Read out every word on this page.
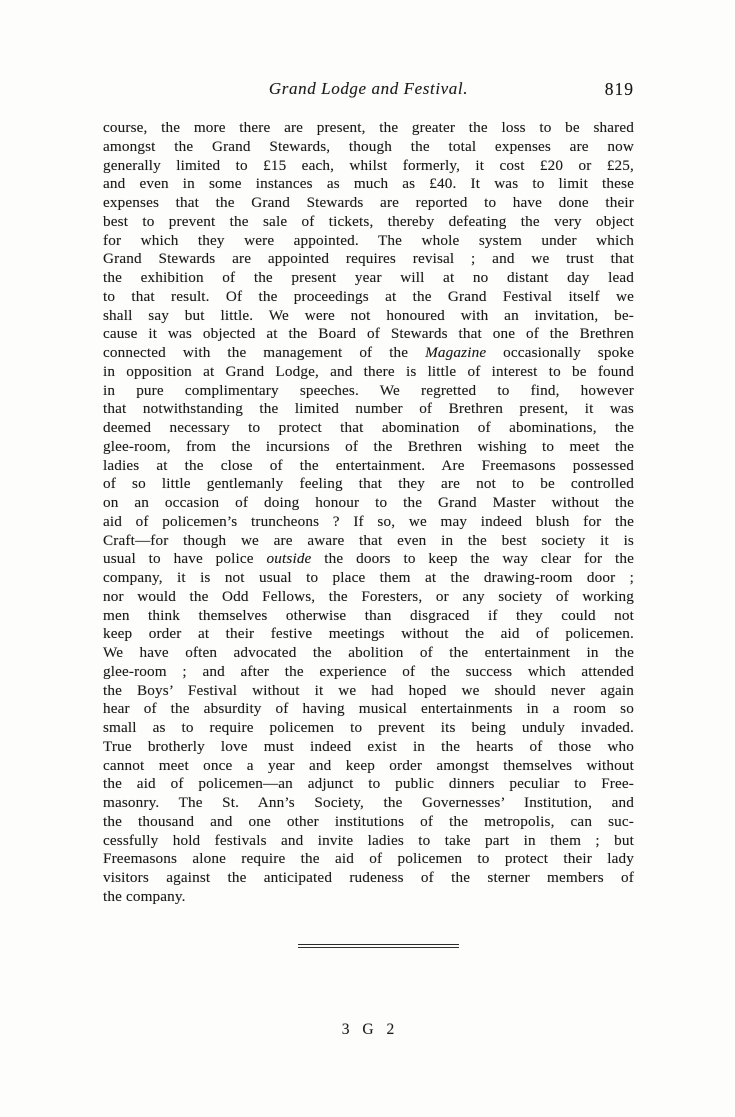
Grand Lodge and Festival.	819
course, the more there are present, the greater the loss to be shared
amongst the Grand Stewards, though the total expenses are now
generally limited to £15 each, whilst formerly, it cost £20 or £25,
and even in some instances as much as £40. It was to limit these
expenses that the Grand Stewards are reported to have done their
best to prevent the sale of tickets, thereby defeating the very object
for which they were appointed. The whole system under which
Grand Stewards are appointed requires revisal ; and we trust that
the exhibition of the present year will at no distant day lead
to that result. Of the proceedings at the Grand Festival itself we
shall say but little. We were not honoured with an invitation, be-
cause it was objected at the Board of Stewards that one of the Brethren
connected with the management of the Magazine occasionally spoke
in opposition at Grand Lodge, and there is little of interest to be found
in pure complimentary speeches. We regretted to find, however
that notwithstanding the limited number of Brethren present, it was
deemed necessary to protect that abomination of abominations, the
glee-room, from the incursions of the Brethren wishing to meet the
ladies at the close of the entertainment. Are Freemasons possessed
of so little gentlemanly feeling that they are not to be controlled
on an occasion of doing honour to the Grand Master without the
aid of policemen’s truncheons ? If so, we may indeed blush for the
Craft—for though we are aware that even in the best society it is
usual to have police outside the doors to keep the way clear for the
company, it is not usual to place them at the drawing-room door ;
nor would the Odd Fellows, the Foresters, or any society of working
men think themselves otherwise than disgraced if they could not
keep order at their festive meetings without the aid of policemen.
We have often advocated the abolition of the entertainment in the
glee-room ; and after the experience of the success which attended
the Boys’ Festival without it we had hoped we should never again
hear of the absurdity of having musical entertainments in a room so
small as to require policemen to prevent its being unduly invaded.
True brotherly love must indeed exist in the hearts of those who
cannot meet once a year and keep order amongst themselves without
the aid of policemen—an adjunct to public dinners peculiar to Free-
masonry. The St. Ann’s Society, the Governesses’ Institution, and
the thousand and one other institutions of the metropolis, can suc-
cessfully hold festivals and invite ladies to take part in them ; but
Freemasons alone require the aid of policemen to protect their lady
visitors against the anticipated rudeness of the sterner members of
the company.
3 G 2
